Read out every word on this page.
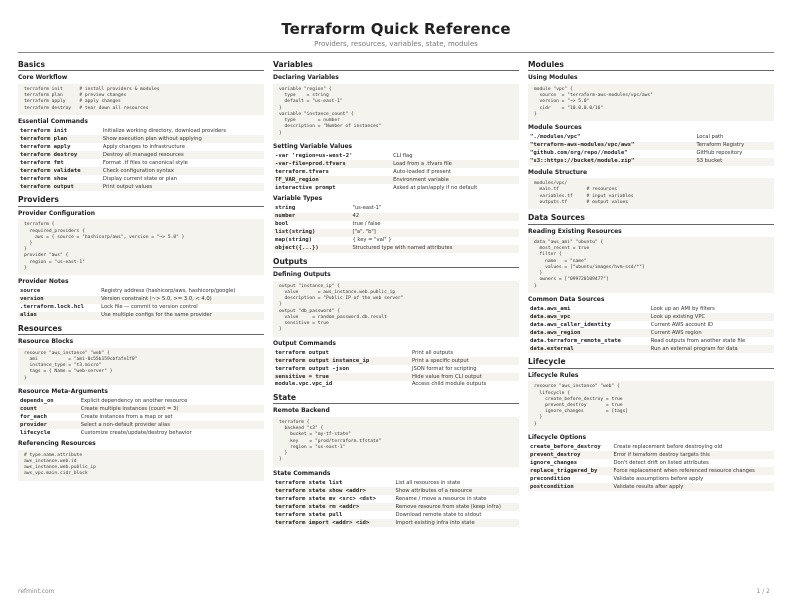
Terraform Quick Reference
Providers, resources, variables, state, modules
Basics
Core Workflow
terraform init      # install providers & modules
terraform plan      # preview changes
terraform apply     # apply changes
terraform destroy   # tear down all resources
Essential Commands
terraform init	Initialize working directory, download providers
terraform plan	Show execution plan without applying
terraform apply	Apply changes to infrastructure
terraform destroy	Destroy all managed resources
terraform fmt	Format .tf files to canonical style
terraform validate	Check configuration syntax
terraform show	Display current state or plan
terraform output	Print output values
Providers
Provider Configuration
terraform {
required_providers {
aws = { source = "hashicorp/aws", version = "~> 5.0" }
}
}
provider "aws" {
region = "us-east-1"
}
Provider Notes
source	Registry address (hashicorp/aws, hashicorp/google)
version	Version constraint (~> 5.0, >= 3.0, < 4.0)
.terraform.lock.hcl	Lock file — commit to version control
alias	Use multiple configs for the same provider
Resources
Resource Blocks
resource "aws_instance" "web" {
ami           = "ami-0c55b159cbfafe1f0"
instance_type = "t3.micro"
tags = { Name = "web-server" }
}
Resource Meta-Arguments
depends_on	Explicit dependency on another resource
count	Create multiple instances (count = 3)
for_each	Create instances from a map or set
provider	Select a non-default provider alias
lifecycle	Customize create/update/destroy behavior
Referencing Resources
# type.name.attribute
aws_instance.web.id
aws_instance.web.public_ip
aws_vpc.main.cidr_block
Variables
Declaring Variables
variable "region" {
type    = string
default = "us-east-1"
}
variable "instance_count" {
type        = number
description = "Number of instances"
}
Setting Variable Values
-var 'region=us-west-2'	CLI flag
-var-file=prod.tfvars	Load from a .tfvars file
terraform.tfvars	Auto-loaded if present
TF_VAR_region	Environment variable
interactive prompt	Asked at plan/apply if no default
Variable Types
string	"us-east-1"
number	42
bool	true / false
list(string)	["a", "b"]
map(string)	{ key = "val" }
object({...})	Structured type with named attributes
Outputs
Defining Outputs
output "instance_ip" {
value       = aws_instance.web.public_ip
description = "Public IP of the web server"
}
output "db_password" {
value     = random_password.db.result
sensitive = true
}
Output Commands
terraform output	Print all outputs
terraform output instance_ip	Print a specific output
terraform output -json	JSON format for scripting
sensitive = true	Hide value from CLI output
module.vpc.vpc_id	Access child module outputs
State
Remote Backend
terraform {
backend "s3" {
bucket = "my-tf-state"
key    = "prod/terraform.tfstate"
region = "us-east-1"
}
}
State Commands
terraform state list	List all resources in state
terraform state show <addr>	Show attributes of a resource
terraform state mv <src> <dst>	Rename / move a resource in state
terraform state rm <addr>	Remove resource from state (keep infra)
terraform state pull	Download remote state to stdout
terraform import <addr> <id>	Import existing infra into state
Modules
Using Modules
module "vpc" {
source  = "terraform-aws-modules/vpc/aws"
version = "~> 5.0"
cidr    = "10.0.0.0/16"
}
Module Sources
"./modules/vpc"	Local path
"terraform-aws-modules/vpc/aws"	Terraform Registry
"github.com/org/repo//module"	GitHub repository
"s3::https://bucket/module.zip"	S3 bucket
Module Structure
modules/vpc/
main.tf          # resources
variables.tf     # input variables
outputs.tf       # output values
Data Sources
Reading Existing Resources
data "aws_ami" "ubuntu" {
most_recent = true
filter {
name   = "name"
values = ["ubuntu/images/hvm-ssd/*"]
}
owners = ["099720109477"]
}
Common Data Sources
data.aws_ami	Look up an AMI by filters
data.aws_vpc	Look up existing VPC
data.aws_caller_identity	Current AWS account ID
data.aws_region	Current AWS region
data.terraform_remote_state	Read outputs from another state file
data.external	Run an external program for data
Lifecycle
Lifecycle Rules
resource "aws_instance" "web" {
lifecycle {
create_before_destroy = true
prevent_destroy       = true
ignore_changes        = [tags]
}
}
Lifecycle Options
create_before_destroy	Create replacement before destroying old
prevent_destroy	Error if terraform destroy targets this
ignore_changes	Don't detect drift on listed attributes
replace_triggered_by	Force replacement when referenced resource changes
precondition	Validate assumptions before apply
postcondition	Validate results after apply
refmint.com	1 / 2
